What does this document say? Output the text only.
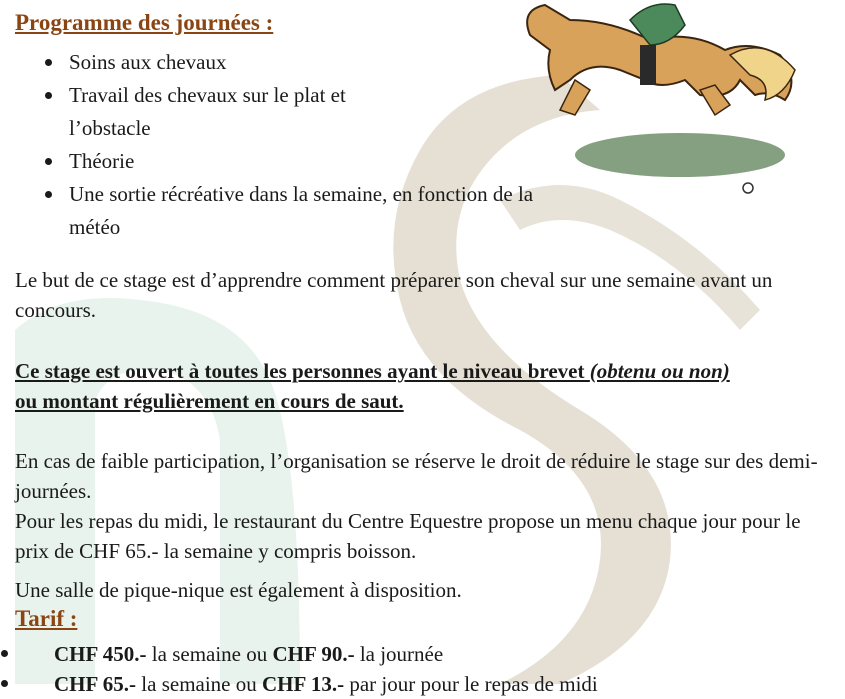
Programme des journées :
Soins aux chevaux
Travail des chevaux sur le plat et l’obstacle
Théorie
Une sortie récréative dans la semaine, en fonction de la météo

Le but de ce stage est d’apprendre comment préparer son cheval sur une semaine avant un concours.

Ce stage est ouvert à toutes les personnes ayant le niveau brevet (obtenu ou non)
ou montant régulièrement en cours de saut.

En cas de faible participation, l’organisation se réserve le droit de réduire le stage sur des demi-journées.

Pour les repas du midi, le restaurant du Centre Equestre propose un menu chaque jour pour le prix de CHF 65.- la semaine y compris boisson.

Une salle de pique-nique est également à disposition.

Tarif :
CHF 450.- la semaine ou CHF 90.- la journée
CHF 65.- la semaine ou CHF 13.- par jour pour le repas de midi
